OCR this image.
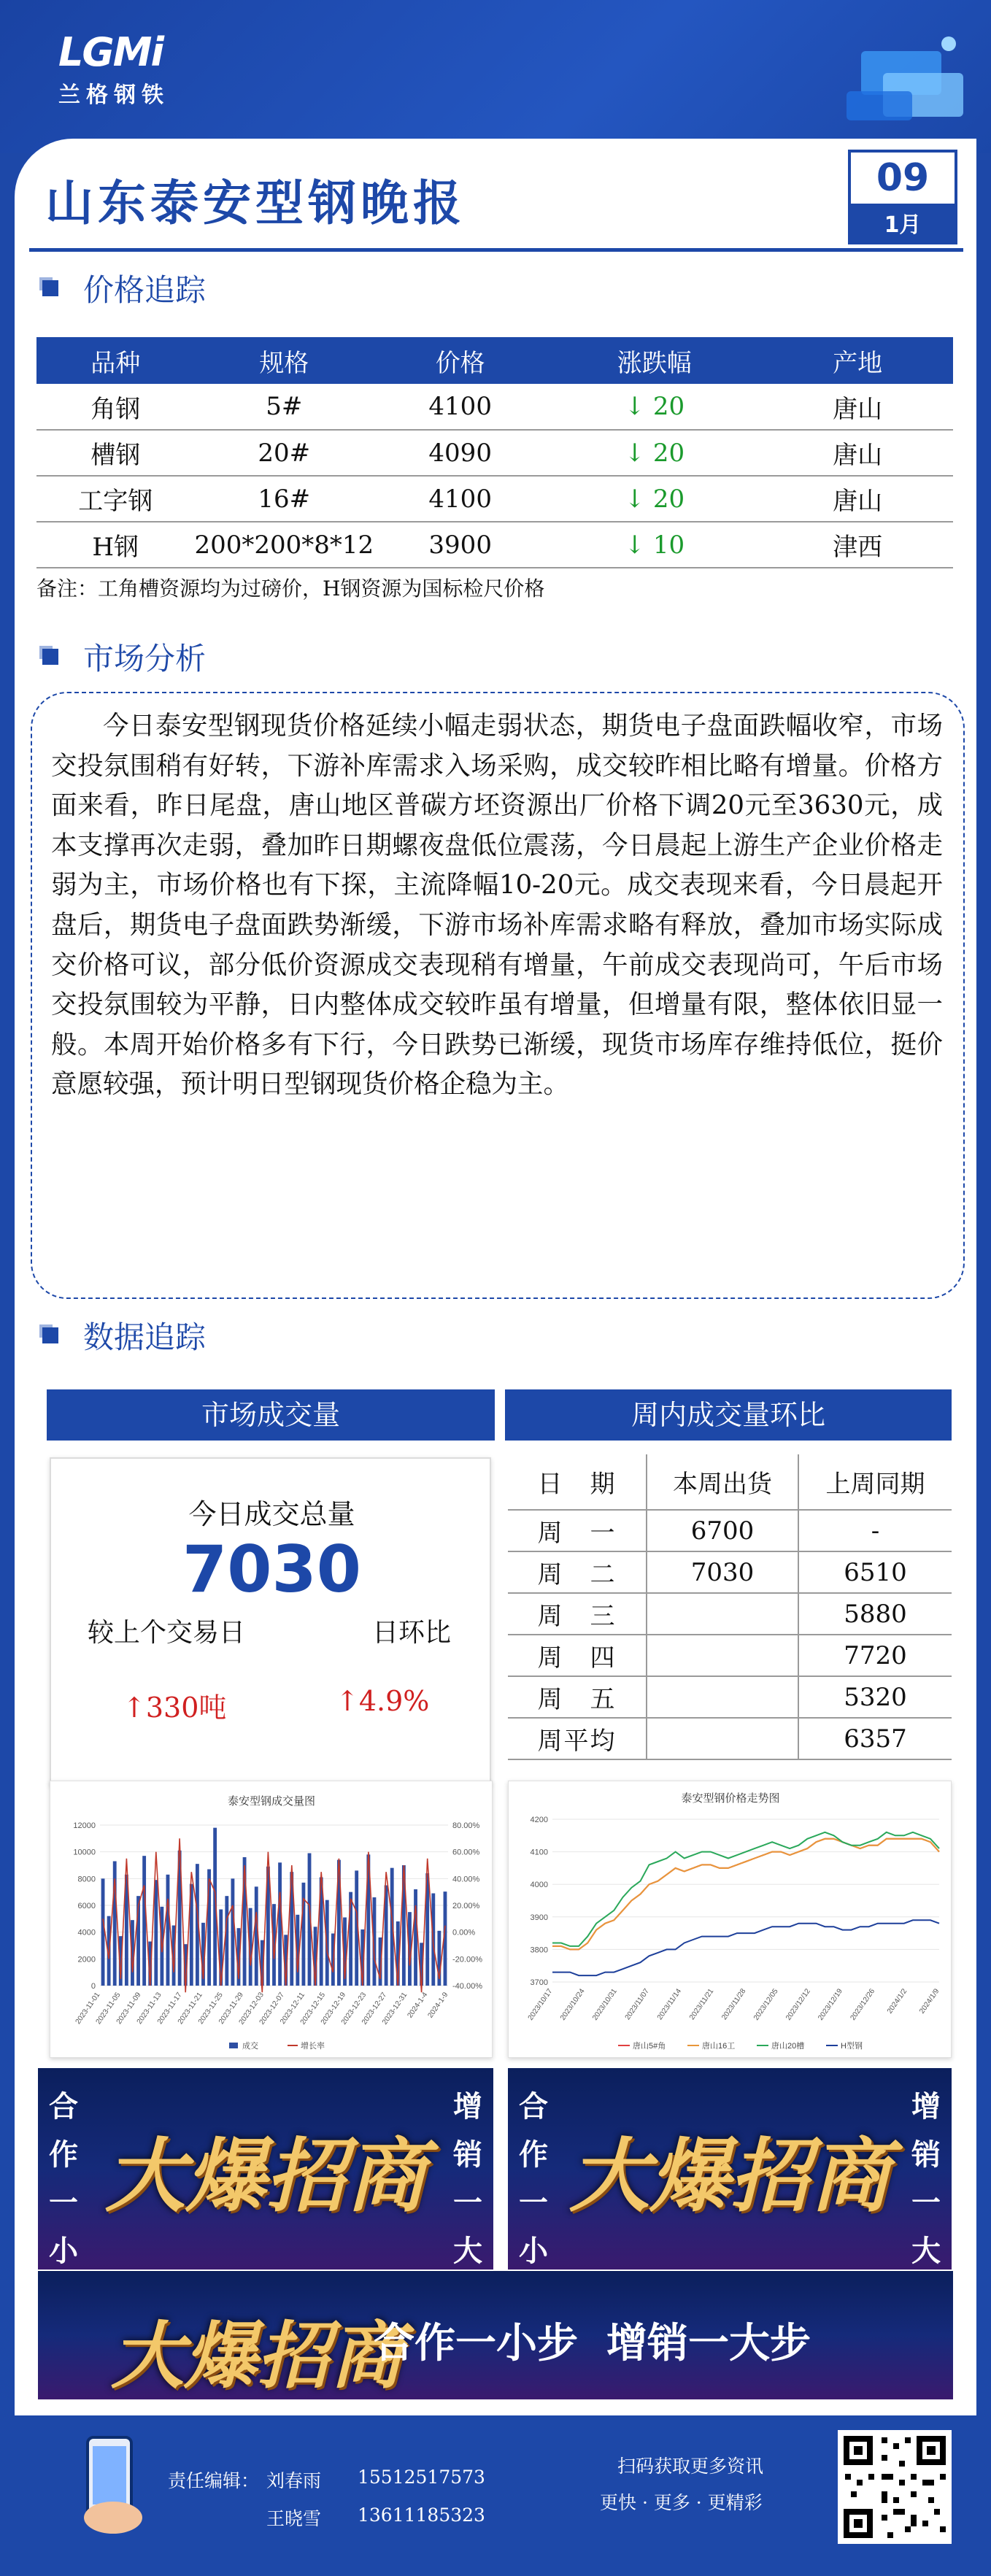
LGMi
兰格钢铁
山东泰安型钢晚报	09
1月
价格追踪
品种	规格	价格	涨跌幅	产地
角钢	5#	4100	↓ 20	唐山
槽钢	20#	4090	↓ 20	唐山
工字钢	16#	4100	↓ 20	唐山
H钢	200*200*8*12	3900	↓ 10	津西
备注：工角槽资源均为过磅价，H钢资源为国标检尺价格
市场分析
今日泰安型钢现货价格延续小幅走弱状态，期货电子盘面跌幅收窄，市场交投氛围稍有好转，下游补库需求入场采购，成交较昨相比略有增量。价格方面来看，昨日尾盘，唐山地区普碳方坯资源出厂价格下调20元至3630元，成本支撑再次走弱，叠加昨日期螺夜盘低位震荡，今日晨起上游生产企业价格走弱为主，市场价格也有下探，主流降幅10-20元。成交表现来看，今日晨起开盘后，期货电子盘面跌势渐缓，下游市场补库需求略有释放，叠加市场实际成交价格可议，部分低价资源成交表现稍有增量，午前成交表现尚可，午后市场交投氛围较为平静，日内整体成交较昨虽有增量，但增量有限，整体依旧显一般。本周开始价格多有下行，今日跌势已渐缓，现货市场库存维持低位，挺价意愿较强，预计明日型钢现货价格企稳为主。
数据追踪
市场成交量	周内成交量环比
今日成交总量
7030
较上个交易日	日环比
↑330吨	↑4.9%
日　期	本周出货	上周同期
周　一	6700	-
周　二	7030	6510
周　三		5880
周　四		7720
周　五		5320
周平均		6357
泰安型钢成交量图
0
2000
4000
6000
8000
10000
12000
-40.00%
-20.00%
0.00%
20.00%
40.00%
60.00%
80.00%
2023-11-01
2023-11-05
2023-11-09
2023-11-13
2023-11-17
2023-11-21
2023-11-25
2023-11-29
2023-12-03
2023-12-07
2023-12-11
2023-12-15
2023-12-19
2023-12-23
2023-12-27
2023-12-31
2024-1-4
2024-1-9
成交	增长率
泰安型钢价格走势图
3700
3800
3900
4000
4100
4200
2023/10/17 2023/10/24 2023/10/31 2023/11/07 2023/11/14 2023/11/21 2023/11/28 2023/12/05 2023/12/12 2023/12/19 2023/12/26 2024/1/2 2024/1/9
唐山5#角	唐山16工	唐山20槽	H型钢
合作一小
增销一大
大爆招商
合作一小
增销一大
大爆招商
大爆招商
合作一小步  增销一大步
责任编辑： 刘春雨 15512517573
王晓雪 13611185323
扫码获取更多资讯
更快 · 更多 · 更精彩
